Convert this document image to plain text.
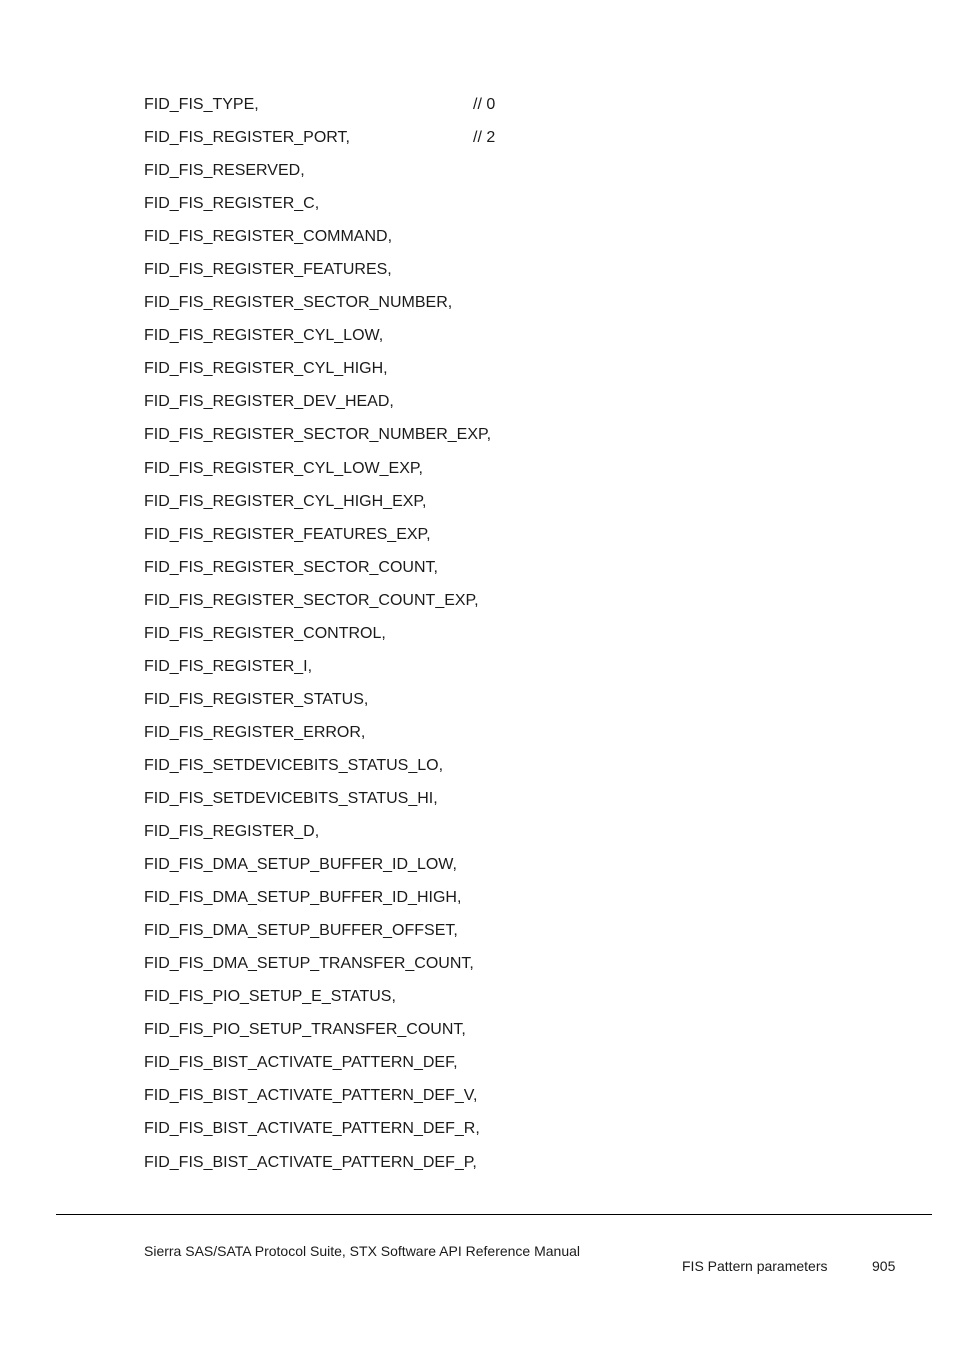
FID_FIS_TYPE,	// 0
FID_FIS_REGISTER_PORT,	// 2
FID_FIS_RESERVED,
FID_FIS_REGISTER_C,
FID_FIS_REGISTER_COMMAND,
FID_FIS_REGISTER_FEATURES,
FID_FIS_REGISTER_SECTOR_NUMBER,
FID_FIS_REGISTER_CYL_LOW,
FID_FIS_REGISTER_CYL_HIGH,
FID_FIS_REGISTER_DEV_HEAD,
FID_FIS_REGISTER_SECTOR_NUMBER_EXP,
FID_FIS_REGISTER_CYL_LOW_EXP,
FID_FIS_REGISTER_CYL_HIGH_EXP,
FID_FIS_REGISTER_FEATURES_EXP,
FID_FIS_REGISTER_SECTOR_COUNT,
FID_FIS_REGISTER_SECTOR_COUNT_EXP,
FID_FIS_REGISTER_CONTROL,
FID_FIS_REGISTER_I,
FID_FIS_REGISTER_STATUS,
FID_FIS_REGISTER_ERROR,
FID_FIS_SETDEVICEBITS_STATUS_LO,
FID_FIS_SETDEVICEBITS_STATUS_HI,
FID_FIS_REGISTER_D,
FID_FIS_DMA_SETUP_BUFFER_ID_LOW,
FID_FIS_DMA_SETUP_BUFFER_ID_HIGH,
FID_FIS_DMA_SETUP_BUFFER_OFFSET,
FID_FIS_DMA_SETUP_TRANSFER_COUNT,
FID_FIS_PIO_SETUP_E_STATUS,
FID_FIS_PIO_SETUP_TRANSFER_COUNT,
FID_FIS_BIST_ACTIVATE_PATTERN_DEF,
FID_FIS_BIST_ACTIVATE_PATTERN_DEF_V,
FID_FIS_BIST_ACTIVATE_PATTERN_DEF_R,
FID_FIS_BIST_ACTIVATE_PATTERN_DEF_P,
Sierra SAS/SATA Protocol Suite, STX Software API Reference Manual
FIS Pattern parameters	905
